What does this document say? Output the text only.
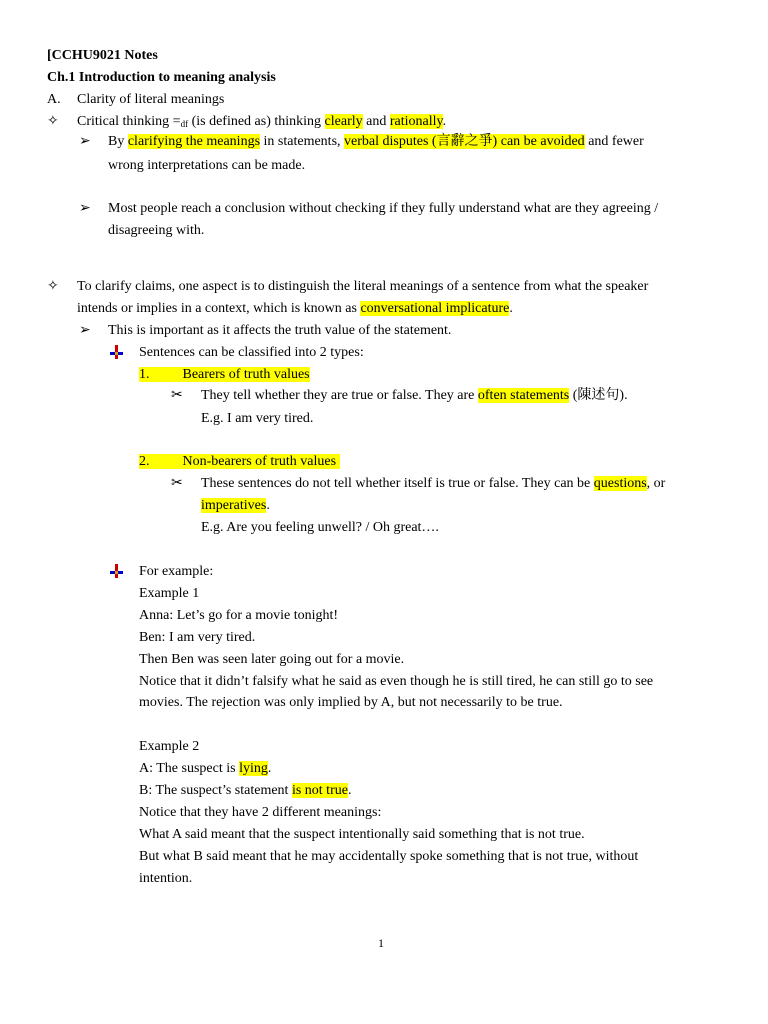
[CCHU9021 Notes
Ch.1 Introduction to meaning analysis
A. Clarity of literal meanings
✧ Critical thinking $=_{df}$ (is defined as) thinking clearly and rationally.
➢ By clarifying the meanings in statements, verbal disputes (言辭之爭) can be avoided and fewer
wrong interpretations can be made.
➢ Most people reach a conclusion without checking if they fully understand what are they agreeing /
disagreeing with.
✧ To clarify claims, one aspect is to distinguish the literal meanings of a sentence from what the speaker
intends or implies in a context, which is known as conversational implicature.
➢ This is important as it affects the truth value of the statement.
Sentences can be classified into 2 types:
1. Bearers of truth values
✂ They tell whether they are true or false. They are often statements (陳述句).
E.g. I am very tired.
2. Non-bearers of truth values
✂ These sentences do not tell whether itself is true or false. They can be questions, or
imperatives.
E.g. Are you feeling unwell? / Oh great….
For example:
Example 1
Anna: Let’s go for a movie tonight!
Ben: I am very tired.
Then Ben was seen later going out for a movie.
Notice that it didn’t falsify what he said as even though he is still tired, he can still go to see
movies. The rejection was only implied by A, but not necessarily to be true.
Example 2
A: The suspect is lying.
B: The suspect’s statement is not true.
Notice that they have 2 different meanings:
What A said meant that the suspect intentionally said something that is not true.
But what B said meant that he may accidentally spoke something that is not true, without
intention.
1
